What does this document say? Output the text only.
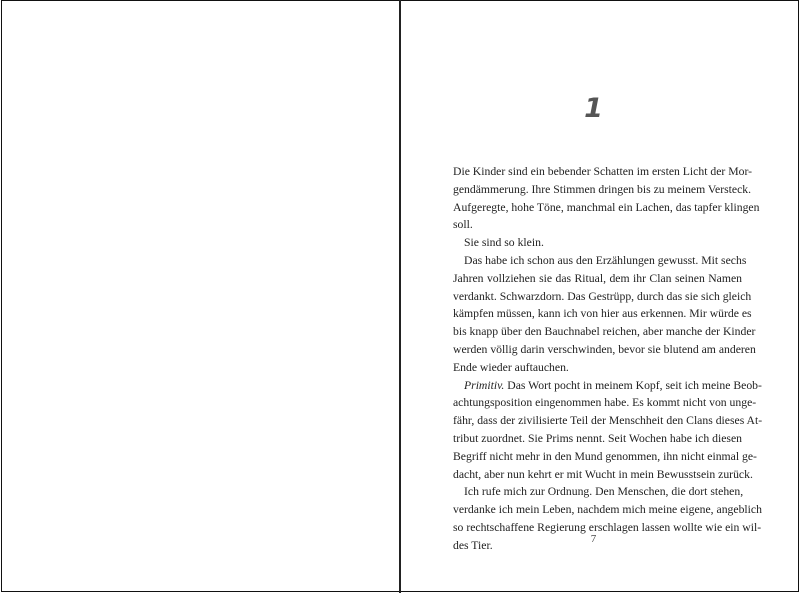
1
Die Kinder sind ein bebender Schatten im ersten Licht der Mor-
gendämmerung. Ihre Stimmen dringen bis zu meinem Versteck.
Aufgeregte, hohe Töne, manchmal ein Lachen, das tapfer klingen
soll.
Sie sind so klein.
Das habe ich schon aus den Erzählungen gewusst. Mit sechs
Jahren vollziehen sie das Ritual, dem ihr Clan seinen Namen
verdankt. Schwarzdorn. Das Gestrüpp, durch das sie sich gleich
kämpfen müssen, kann ich von hier aus erkennen. Mir würde es
bis knapp über den Bauchnabel reichen, aber manche der Kinder
werden völlig darin verschwinden, bevor sie blutend am anderen
Ende wieder auftauchen.
Primitiv. Das Wort pocht in meinem Kopf, seit ich meine Beob-
achtungsposition eingenommen habe. Es kommt nicht von unge-
fähr, dass der zivilisierte Teil der Menschheit den Clans dieses At-
tribut zuordnet. Sie Prims nennt. Seit Wochen habe ich diesen
Begriff nicht mehr in den Mund genommen, ihn nicht einmal ge-
dacht, aber nun kehrt er mit Wucht in mein Bewusstsein zurück.
Ich rufe mich zur Ordnung. Den Menschen, die dort stehen,
verdanke ich mein Leben, nachdem mich meine eigene, angeblich
so rechtschaffene Regierung erschlagen lassen wollte wie ein wil-
des Tier.	7
